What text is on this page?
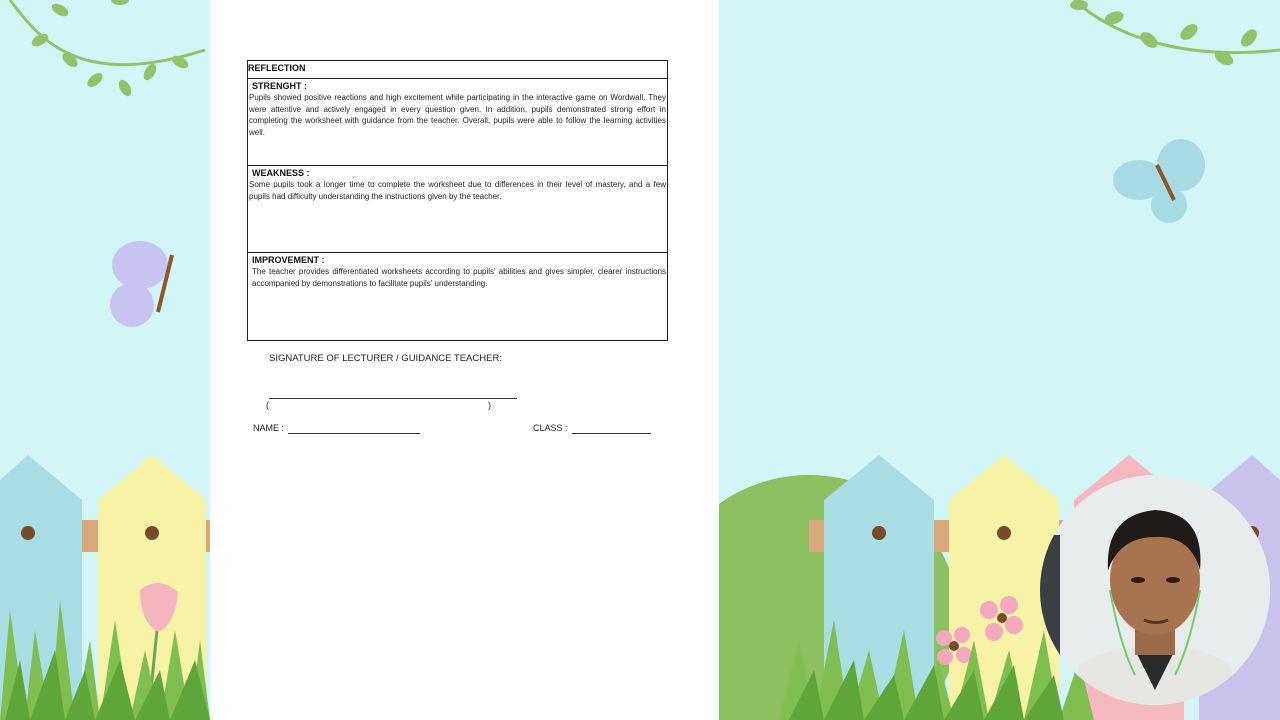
REFLECTION
STRENGHT :
Pupils showed positive reactions and high excitement while participating in the interactive game on Wordwall. They were attentive and actively engaged in every question given. In addition, pupils demonstrated strong effort in completing the worksheet with guidance from the teacher. Overall, pupils were able to follow the learning activities well.
WEAKNESS :
Some pupils took a longer time to complete the worksheet due to differences in their level of mastery, and a few pupils had difficulty understanding the instructions given by the teacher.
IMPROVEMENT :
The teacher provides differentiated worksheets according to pupils' abilities and gives simpler, clearer instructions accompanied by demonstrations to facilitate pupils' understanding.
SIGNATURE OF LECTURER / GUIDANCE TEACHER:
(	)
NAME :	CLASS :
